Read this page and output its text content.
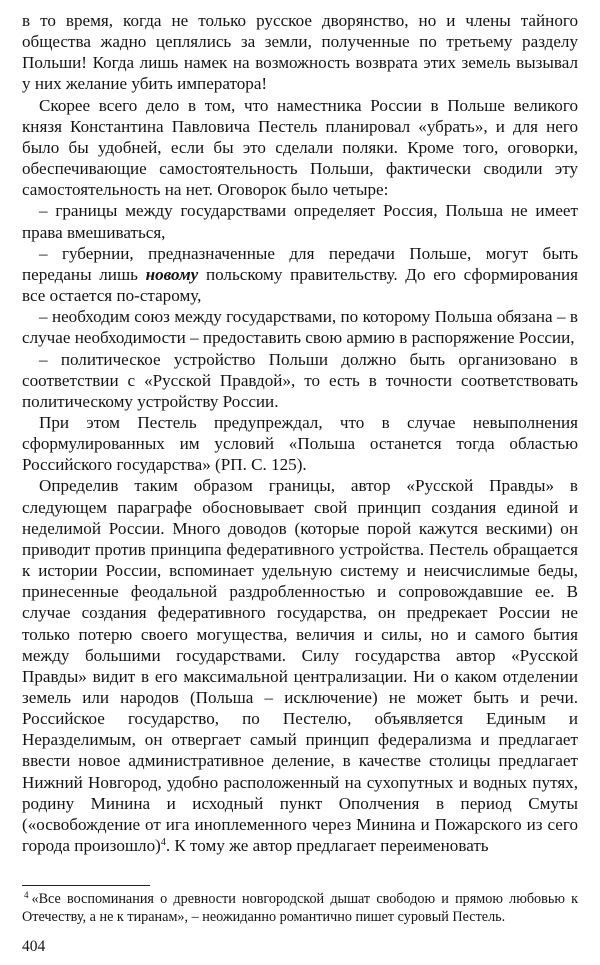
в то время, когда не только русское дворянство, но и члены тайного общества жадно цеплялись за земли, полученные по третьему разделу Польши! Когда лишь намек на возможность возврата этих земель вызывал у них желание убить императора!

Скорее всего дело в том, что наместника России в Польше великого князя Константина Павловича Пестель планировал «убрать», и для него было бы удобней, если бы это сделали поляки. Кроме того, оговорки, обеспечивающие самостоятельность Польши, фактически сводили эту самостоятельность на нет. Оговорок было четыре:

– границы между государствами определяет Россия, Польша не имеет права вмешиваться,

– губернии, предназначенные для передачи Польше, могут быть переданы лишь новому польскому правительству. До его сформирования все остается по-старому,

– необходим союз между государствами, по которому Польша обязана – в случае необходимости – предоставить свою армию в распоряжение России,

– политическое устройство Польши должно быть организовано в соответствии с «Русской Правдой», то есть в точности соответствовать политическому устройству России.

При этом Пестель предупреждал, что в случае невыполнения сформулированных им условий «Польша останется тогда областью Российского государства» (РП. С. 125).

Определив таким образом границы, автор «Русской Правды» в следующем параграфе обосновывает свой принцип создания единой и неделимой России. Много доводов (которые порой кажутся вескими) он приводит против принципа федеративного устройства. Пестель обращается к истории России, вспоминает удельную систему и неисчислимые беды, принесенные феодальной раздробленностью и сопровождавшие ее. В случае создания федеративного государства, он предрекает России не только потерю своего могущества, величия и силы, но и самого бытия между большими государствами. Силу государства автор «Русской Правды» видит в его максимальной централизации. Ни о каком отделении земель или народов (Польша – исключение) не может быть и речи. Российское государство, по Пестелю, объявляется Единым и Неразделимым, он отвергает самый принцип федерализма и предлагает ввести новое административное деление, в качестве столицы предлагает Нижний Новгород, удобно расположенный на сухопутных и водных путях, родину Минина и исходный пункт Ополчения в период Смуты («освобождение от ига иноплеменного через Минина и Пожарского из сего города произошло)$^4$. К тому же автор предлагает переименовать

$^4$ «Все воспоминания о древности новгородской дышат свободою и прямою любовью к Отечеству, а не к тиранам», – неожиданно романтично пишет суровый Пестель.
404
